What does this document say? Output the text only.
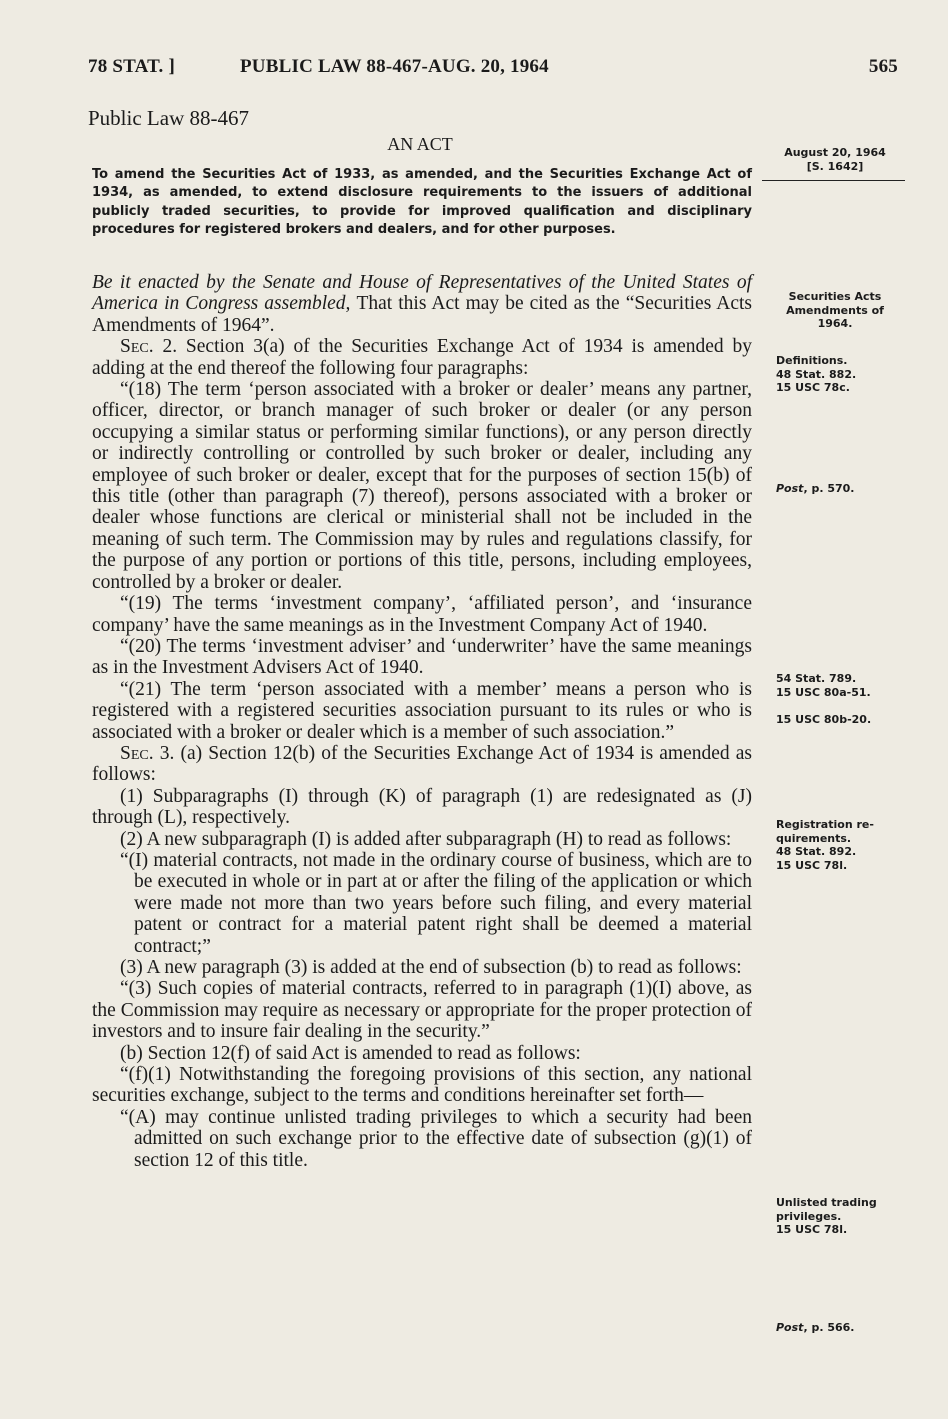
78 STAT. ]	PUBLIC LAW 88-467-AUG. 20, 1964	565
Public Law 88-467
AN ACT	August 20, 1964
[S. 1642]
To amend the Securities Act of 1933, as amended, and the Securities Exchange Act of 1934, as amended, to extend disclosure requirements to the issuers of additional publicly traded securities, to provide for improved qualification and disciplinary procedures for registered brokers and dealers, and for other purposes.

Be it enacted by the Senate and House of Representatives of the United States of America in Congress assembled, That this Act may be cited as the “Securities Acts Amendments of 1964”.

Sec. 2. Section 3(a) of the Securities Exchange Act of 1934 is amended by adding at the end thereof the following four paragraphs:

“(18) The term ‘person associated with a broker or dealer’ means any partner, officer, director, or branch manager of such broker or dealer (or any person occupying a similar status or performing similar functions), or any person directly or indirectly controlling or controlled by such broker or dealer, including any employee of such broker or dealer, except that for the purposes of section 15(b) of this title (other than paragraph (7) thereof), persons associated with a broker or dealer whose functions are clerical or ministerial shall not be included in the meaning of such term. The Commission may by rules and regulations classify, for the purpose of any portion or portions of this title, persons, including employees, controlled by a broker or dealer.

“(19) The terms ‘investment company’, ‘affiliated person’, and ‘insurance company’ have the same meanings as in the Investment Company Act of 1940.

“(20) The terms ‘investment adviser’ and ‘underwriter’ have the same meanings as in the Investment Advisers Act of 1940.

“(21) The term ‘person associated with a member’ means a person who is registered with a registered securities association pursuant to its rules or who is associated with a broker or dealer which is a member of such association.”

Sec. 3. (a) Section 12(b) of the Securities Exchange Act of 1934 is amended as follows:

(1) Subparagraphs (I) through (K) of paragraph (1) are redesignated as (J) through (L), respectively.

(2) A new subparagraph (I) is added after subparagraph (H) to read as follows:

“(I) material contracts, not made in the ordinary course of business, which are to be executed in whole or in part at or after the filing of the application or which were made not more than two years before such filing, and every material patent or contract for a material patent right shall be deemed a material contract;”

(3) A new paragraph (3) is added at the end of subsection (b) to read as follows:

“(3) Such copies of material contracts, referred to in paragraph (1)(I) above, as the Commission may require as necessary or appropriate for the proper protection of investors and to insure fair dealing in the security.”

(b) Section 12(f) of said Act is amended to read as follows:

“(f)(1) Notwithstanding the foregoing provisions of this section, any national securities exchange, subject to the terms and conditions hereinafter set forth—

“(A) may continue unlisted trading privileges to which a security had been admitted on such exchange prior to the effective date of subsection (g)(1) of section 12 of this title.

Securities Acts
Amendments of
1964.
Definitions.
48 Stat. 882.
15 USC 78c.
Post, p. 570.
54 Stat. 789.
15 USC 80a-51.
15 USC 80b-20.
Registration re-
quirements.
48 Stat. 892.
15 USC 78l.
Unlisted trading
privileges.
15 USC 78l.
Post, p. 566.
